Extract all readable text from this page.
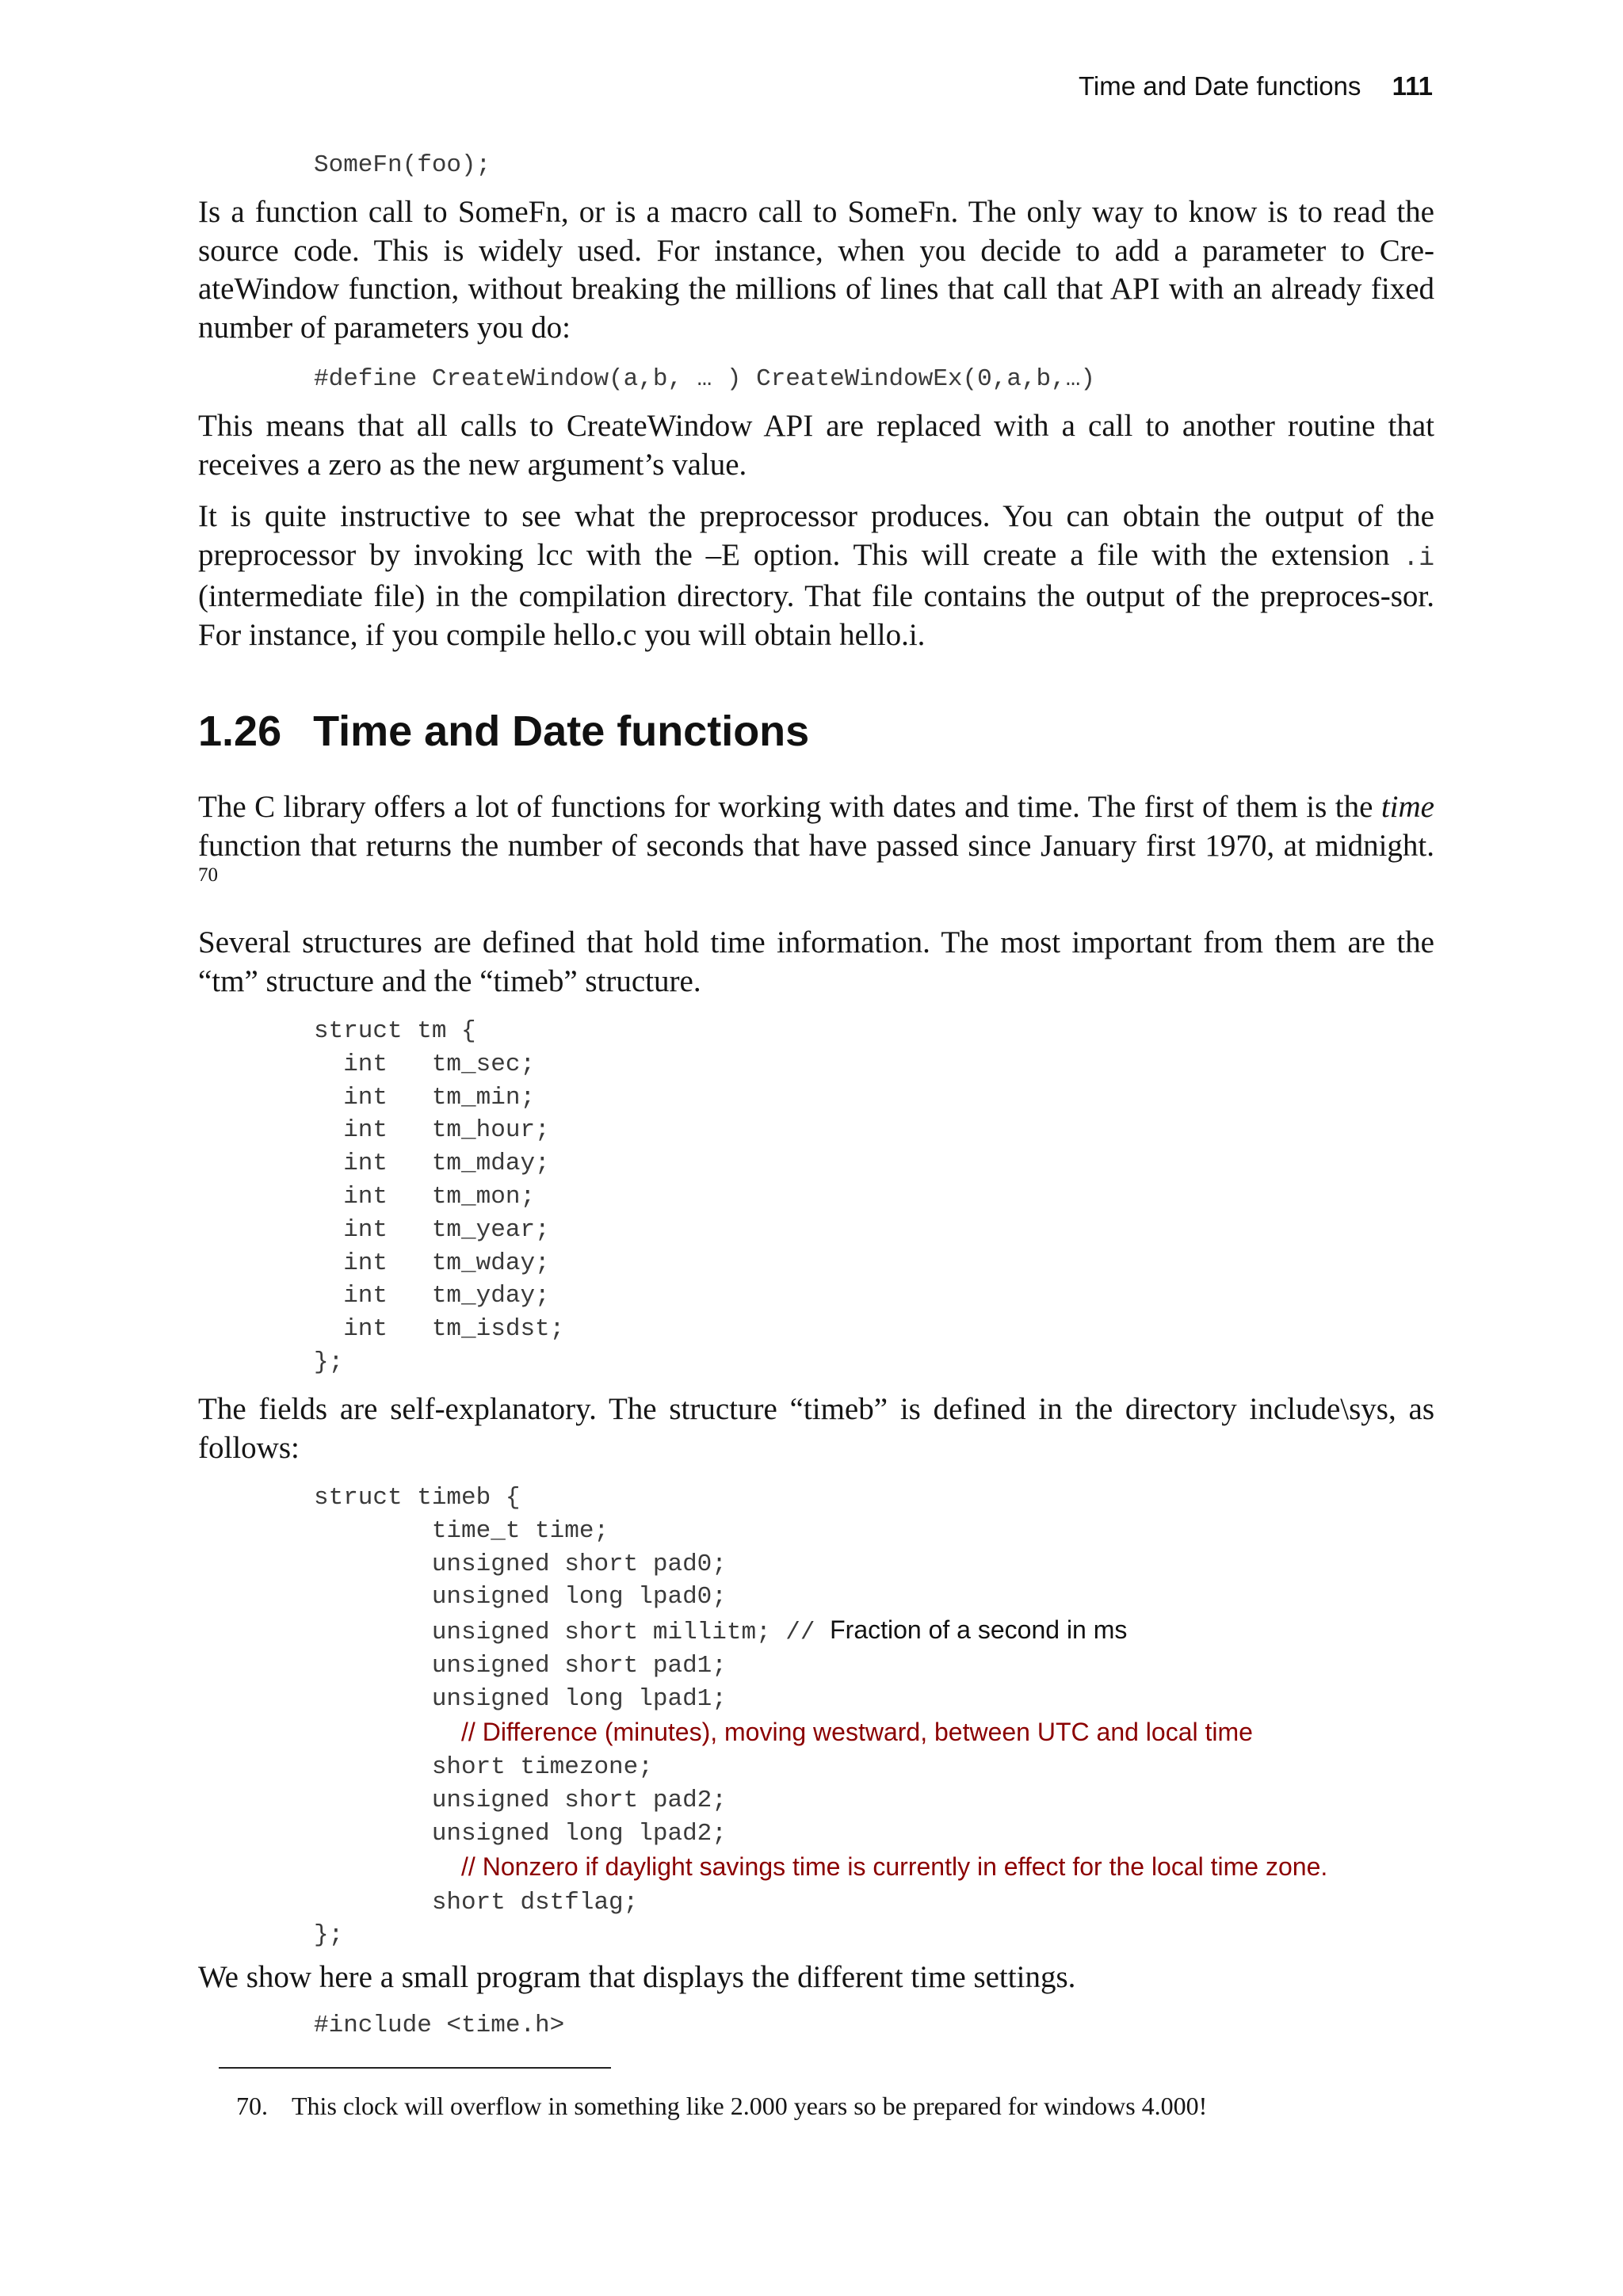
Time and Date functions 111
SomeFn(foo);

Is a function call to SomeFn, or is a macro call to SomeFn. The only way to know is to read the source code. This is widely used. For instance, when you decide to add a parameter to Cre-ateWindow function, without breaking the millions of lines that call that API with an already fixed number of parameters you do:

#define CreateWindow(a,b, … ) CreateWindowEx(0,a,b,…)

This means that all calls to CreateWindow API are replaced with a call to another routine that receives a zero as the new argument’s value.

It is quite instructive to see what the preprocessor produces. You can obtain the output of the preprocessor by invoking lcc with the –E option. This will create a file with the extension .i (intermediate file) in the compilation directory. That file contains the output of the preproces-sor. For instance, if you compile hello.c you will obtain hello.i.

1.26 Time and Date functions

The C library offers a lot of functions for working with dates and time. The first of them is the time function that returns the number of seconds that have passed since January first 1970, at midnight. $^{70}$

Several structures are defined that hold time information. The most important from them are the “tm” structure and the “timeb” structure.

struct tm {
int   tm_sec;
int   tm_min;
int   tm_hour;
int   tm_mday;
int   tm_mon;
int   tm_year;
int   tm_wday;
int   tm_yday;
int   tm_isdst;
};

The fields are self-explanatory. The structure “timeb” is defined in the directory include\sys, as follows:

struct timeb {
time_t time;
unsigned short pad0;
unsigned long lpad0;
unsigned short millitm; // Fraction of a second in ms
unsigned short pad1;
unsigned long lpad1;
// Difference (minutes), moving westward, between UTC and local time
short timezone;
unsigned short pad2;
unsigned long lpad2;
// Nonzero if daylight savings time is currently in effect for the local time zone.
short dstflag;
};

We show here a small program that displays the different time settings.

#include <time.h>
70. This clock will overflow in something like 2.000 years so be prepared for windows 4.000!
